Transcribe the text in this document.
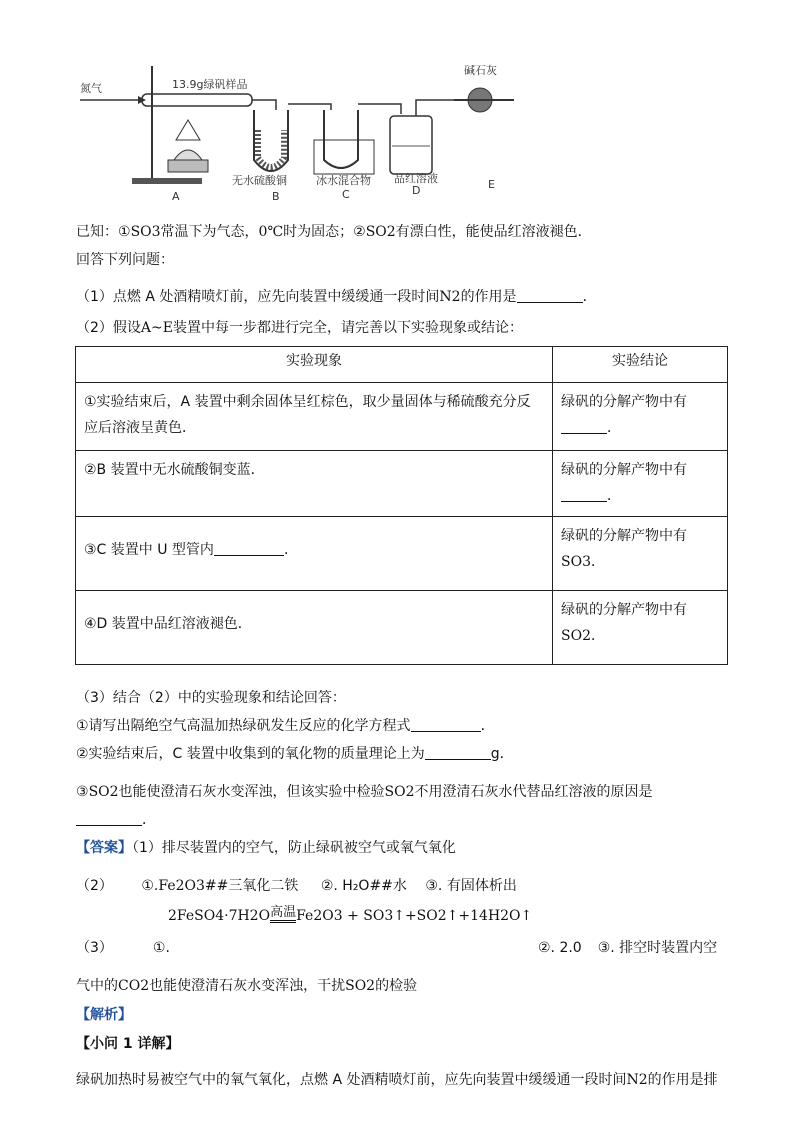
氮气	13.9g绿矾样品
碱石灰
无水硫酸铜	冰水混合物 品红溶液
A	B	C	D	E
已知：①SO3常温下为气态，0℃时为固态；②SO2有漂白性，能使品红溶液褪色．
回答下列问题：
（1）点燃 A 处酒精喷灯前，应先向装置中缓缓通一段时间N2的作用是	．
（2）假设A~E装置中每一步都进行完全，请完善以下实验现象或结论：
实验现象	实验结论

①实验结束后，A 装置中剩余固体呈红棕色，取少量固体与稀硫酸充分反应后溶液呈黄色．	绿矾的分解产物中有
．

②B 装置中无水硫酸铜变蓝．	绿矾的分解产物中有
．

③C 装置中 U 型管内 ．	绿矾的分解产物中有
SO3．

④D 装置中品红溶液褪色．	绿矾的分解产物中有
SO2．
（3）结合（2）中的实验现象和结论回答：
①请写出隔绝空气高温加热绿矾发生反应的化学方程式	．
②实验结束后，C 装置中收集到的氧化物的质量理论上为	g．
③SO2也能使澄清石灰水变浑浊，但该实验中检验SO2不用澄清石灰水代替品红溶液的原因是
．
【答案】（1）排尽装置内的空气，防止绿矾被空气或氧气氧化
（2） ①.Fe2O3##三氧化二铁 ②. H₂O##水 ③. 有固体析出
2FeSO4·7H2O高温Fe2O3 + SO3↑+SO2↑+14H2O↑
（3）	①.	②. 2.0 ③. 排空时装置内空
气中的CO2也能使澄清石灰水变浑浊，干扰SO2的检验
【解析】
【小问 1 详解】
绿矾加热时易被空气中的氧气氧化，点燃 A 处酒精喷灯前，应先向装置中缓缓通一段时间N2的作用是排
